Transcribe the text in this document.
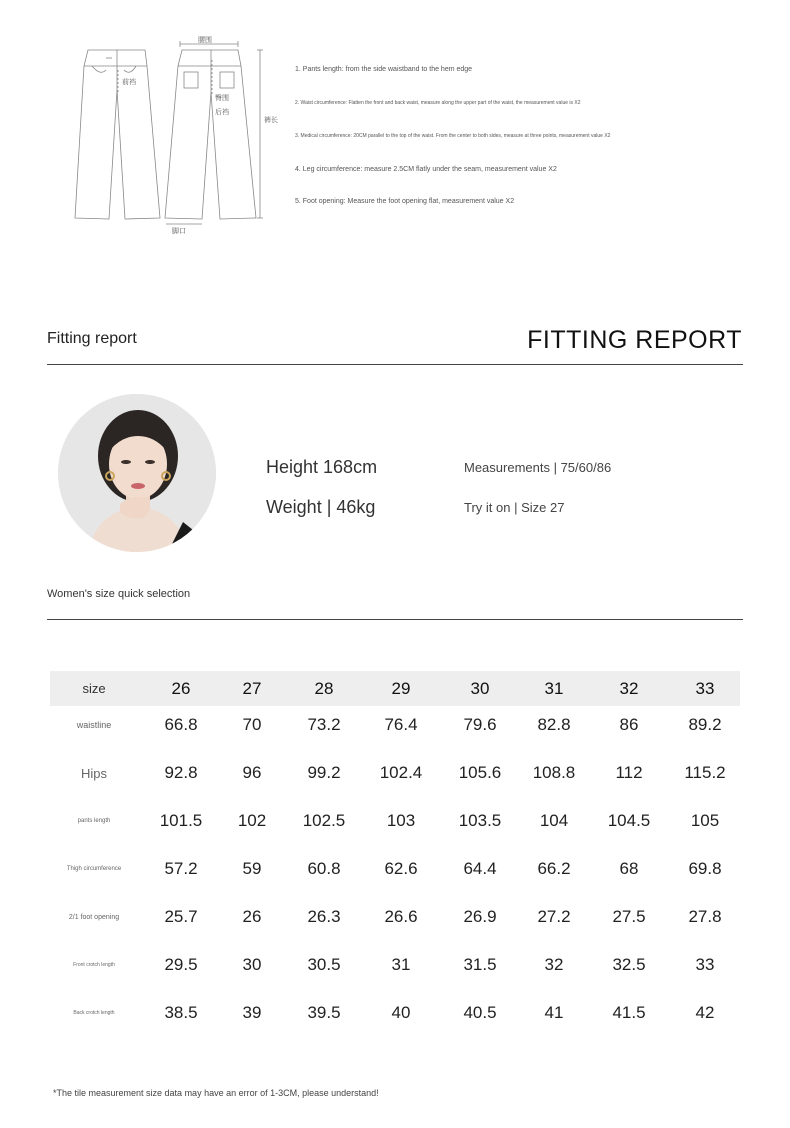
腰围
臀围
前裆
后裆
裤长
脚口
1. Pants length: from the side waistband to the hem edge
2. Waist circumference: Flatten the front and back waist, measure along the upper part of the waist, the measurement value is X2
3. Medical circumference: 20CM parallel to the top of the waist. From the center to both sides, measure at three points, measurement value X2
4. Leg circumference: measure 2.5CM flatly under the seam, measurement value X2
5. Foot opening: Measure the foot opening flat, measurement value X2
Fitting report	FITTING REPORT
Height 168cm
Weight | 46kg
Measurements | 75/60/86
Try it on | Size 27
Women's size quick selection
size	26	27	28	29	30	31	32	33
waistline	66.8	70	73.2	76.4	79.6	82.8	86	89.2
Hips	92.8	96	99.2	102.4	105.6	108.8	112	115.2
pants length	101.5	102	102.5	103	103.5	104	104.5	105
Thigh circumference	57.2	59	60.8	62.6	64.4	66.2	68	69.8
2/1 foot opening	25.7	26	26.3	26.6	26.9	27.2	27.5	27.8
Front crotch length	29.5	30	30.5	31	31.5	32	32.5	33
Back crotch length	38.5	39	39.5	40	40.5	41	41.5	42
*The tile measurement size data may have an error of 1-3CM, please understand!
